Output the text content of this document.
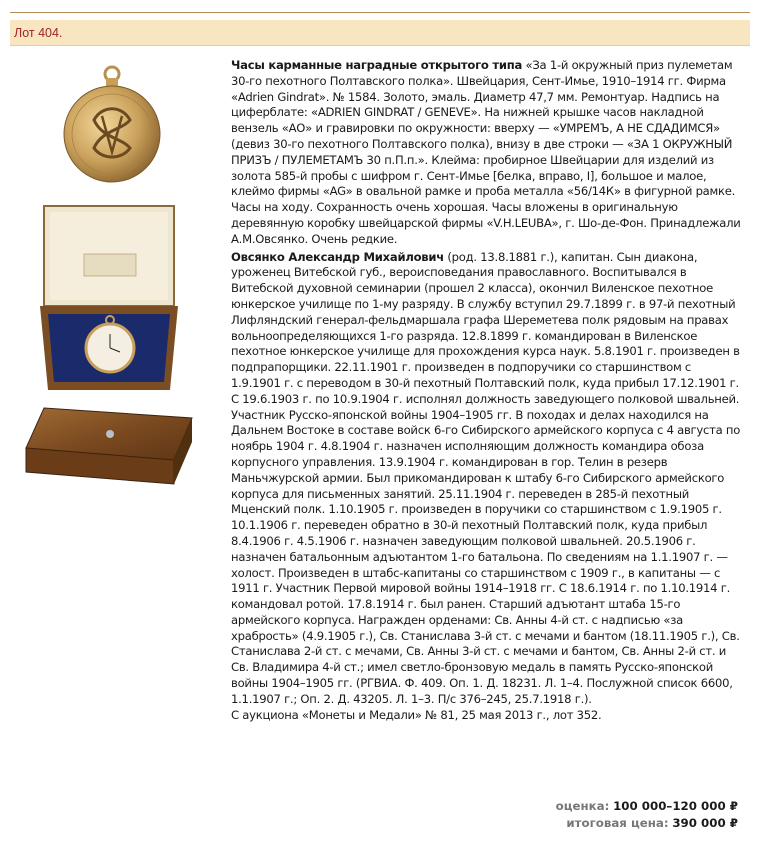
Лот 404.

Часы карманные наградные открытого типа «За 1-й окружный приз пулеметам 30-го пехотного Полтавского полка». Швейцария, Сент-Имье, 1910–1914 гг. Фирма «Adrien Gindrat». № 1584. Золото, эмаль. Диаметр 47,7 мм. Ремонтуар. Надпись на циферблате: «ADRIEN GINDRAT / GENEVE». На нижней крышке часов накладной вензель «АО» и гравировки по окружности: вверху — «УМРЕМЪ, А НЕ СДАДИМСЯ» (девиз 30-го пехотного Полтавского полка), внизу в две строки — «ЗА 1 ОКРУЖНЫЙ ПРИЗЪ / ПУЛЕМЕТАМЪ 30 п.П.п.». Клейма: пробирное Швейцарии для изделий из золота 585-й пробы с шифром г. Сент-Имье [белка, вправо, I], большое и малое, клеймо фирмы «AG» в овальной рамке и проба металла «56/14К» в фигурной рамке. Часы на ходу. Сохранность очень хорошая. Часы вложены в оригинальную деревянную коробку швейцарской фирмы «V.H.LEUBA», г. Шо-де-Фон. Принадлежали А.М.Овсянко. Очень редкие.

Овсянко Александр Михайлович (род. 13.8.1881 г.), капитан. Сын диакона, уроженец Витебской губ., вероисповедания православного. Воспитывался в Витебской духовной семинарии (прошел 2 класса), окончил Виленское пехотное юнкерское училище по 1-му разряду. В службу вступил 29.7.1899 г. в 97-й пехотный Лифляндский генерал-фельдмаршала графа Шереметева полк рядовым на правах вольноопределяющихся 1-го разряда. 12.8.1899 г. командирован в Виленское пехотное юнкерское училище для прохождения курса наук. 5.8.1901 г. произведен в подпрапорщики. 22.11.1901 г. произведен в подпоручики со старшинством с 1.9.1901 г. с переводом в 30-й пехотный Полтавский полк, куда прибыл 17.12.1901 г. С 19.6.1903 г. по 10.9.1904 г. исполнял должность заведующего полковой швальней. Участник Русско-японской войны 1904–1905 гг. В походах и делах находился на Дальнем Востоке в составе войск 6-го Сибирского армейского корпуса с 4 августа по ноябрь 1904 г. 4.8.1904 г. назначен исполняющим должность командира обоза корпусного управления. 13.9.1904 г. командирован в гор. Телин в резерв Маньчжурской армии. Был прикомандирован к штабу 6-го Сибирского армейского корпуса для письменных занятий. 25.11.1904 г. переведен в 285-й пехотный Мценский полк. 1.10.1905 г. произведен в поручики со старшинством с 1.9.1905 г. 10.1.1906 г. переведен обратно в 30-й пехотный Полтавский полк, куда прибыл 8.4.1906 г. 4.5.1906 г. назначен заведующим полковой швальней. 20.5.1906 г. назначен батальонным адъютантом 1-го батальона. По сведениям на 1.1.1907 г. — холост. Произведен в штабс-капитаны со старшинством с 1909 г., в капитаны — с 1911 г. Участник Первой мировой войны 1914–1918 гг. С 18.6.1914 г. по 1.10.1914 г. командовал ротой. 17.8.1914 г. был ранен. Старший адъютант штаба 15-го армейского корпуса. Награжден орденами: Св. Анны 4-й ст. с надписью «за храбрость» (4.9.1905 г.), Св. Станислава 3-й ст. с мечами и бантом (18.11.1905 г.), Св. Станислава 2-й ст. с мечами, Св. Анны 3-й ст. с мечами и бантом, Св. Анны 2-й ст. и Св. Владимира 4-й ст.; имел светло-бронзовую медаль в память Русско-японской войны 1904–1905 гг. (РГВИА. Ф. 409. Оп. 1. Д. 18231. Л. 1–4. Послужной список 6600, 1.1.1907 г.; Оп. 2. Д. 43205. Л. 1–3. П/с 376–245, 25.7.1918 г.).

С аукциона «Монеты и Медали» № 81, 25 мая 2013 г., лот 352.

оценка: 100 000–120 000 ₽
итоговая цена: 390 000 ₽
